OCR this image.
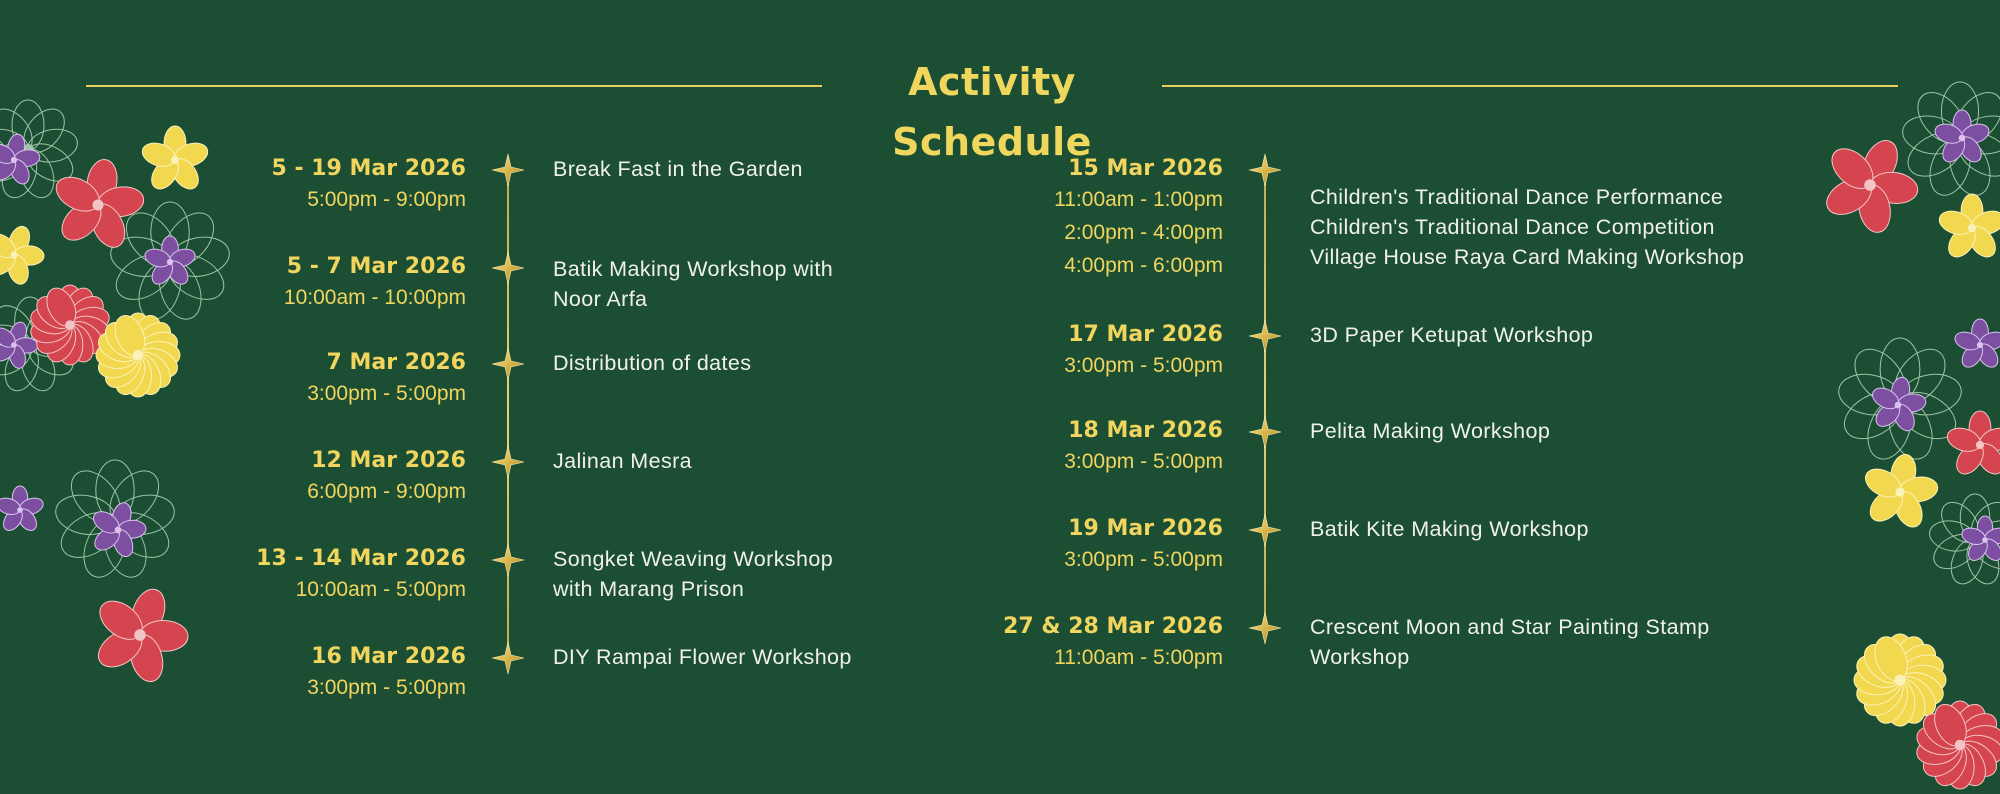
Activity Schedule
5 - 19 Mar 2026
5:00pm - 9:00pm
Break Fast in the Garden
5 - 7 Mar 2026
10:00am - 10:00pm
Batik Making Workshop with
Noor Arfa
7 Mar 2026
3:00pm - 5:00pm
Distribution of dates
12 Mar 2026
6:00pm - 9:00pm
Jalinan Mesra
13 - 14 Mar 2026
10:00am - 5:00pm
Songket Weaving Workshop
with Marang Prison
16 Mar 2026
3:00pm - 5:00pm
DIY Rampai Flower Workshop
15 Mar 2026
11:00am - 1:00pm
2:00pm - 4:00pm
4:00pm - 6:00pm
Children's Traditional Dance Performance
Children's Traditional Dance Competition
Village House Raya Card Making Workshop
17 Mar 2026
3:00pm - 5:00pm
3D Paper Ketupat Workshop
18 Mar 2026
3:00pm - 5:00pm
Pelita Making Workshop
19 Mar 2026
3:00pm - 5:00pm
Batik Kite Making Workshop
27 & 28 Mar 2026
11:00am - 5:00pm
Crescent Moon and Star Painting Stamp
Workshop
